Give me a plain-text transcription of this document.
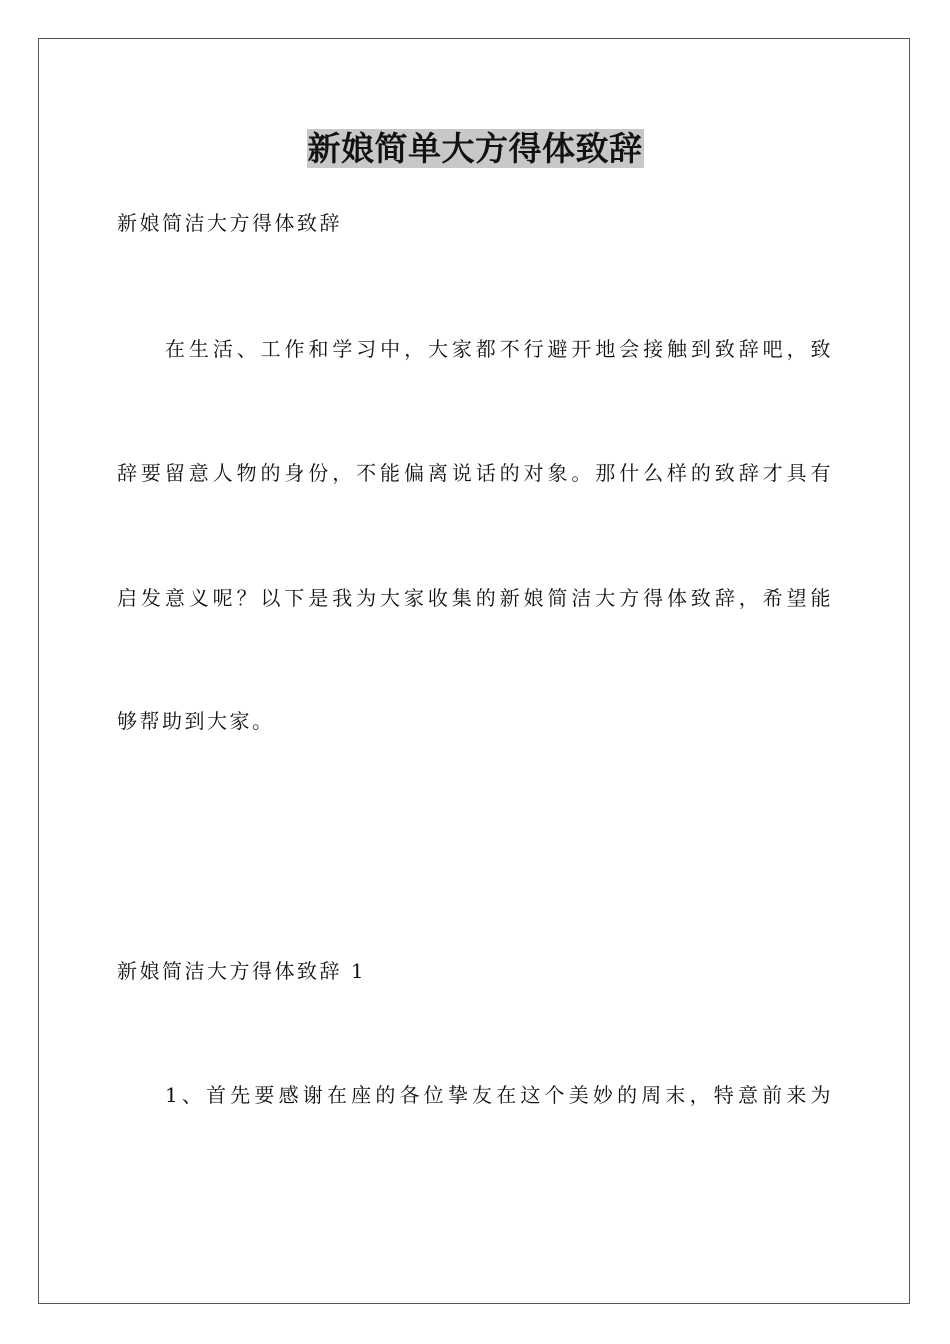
新娘简单大方得体致辞

新娘简洁大方得体致辞

在生活、工作和学习中，大家都不行避开地会接触到致辞吧，致

辞要留意人物的身份，不能偏离说话的对象。那什么样的致辞才具有

启发意义呢？以下是我为大家收集的新娘简洁大方得体致辞，希望能

够帮助到大家。

新娘简洁大方得体致辞 1

1、首先要感谢在座的各位挚友在这个美妙的周末，特意前来为
